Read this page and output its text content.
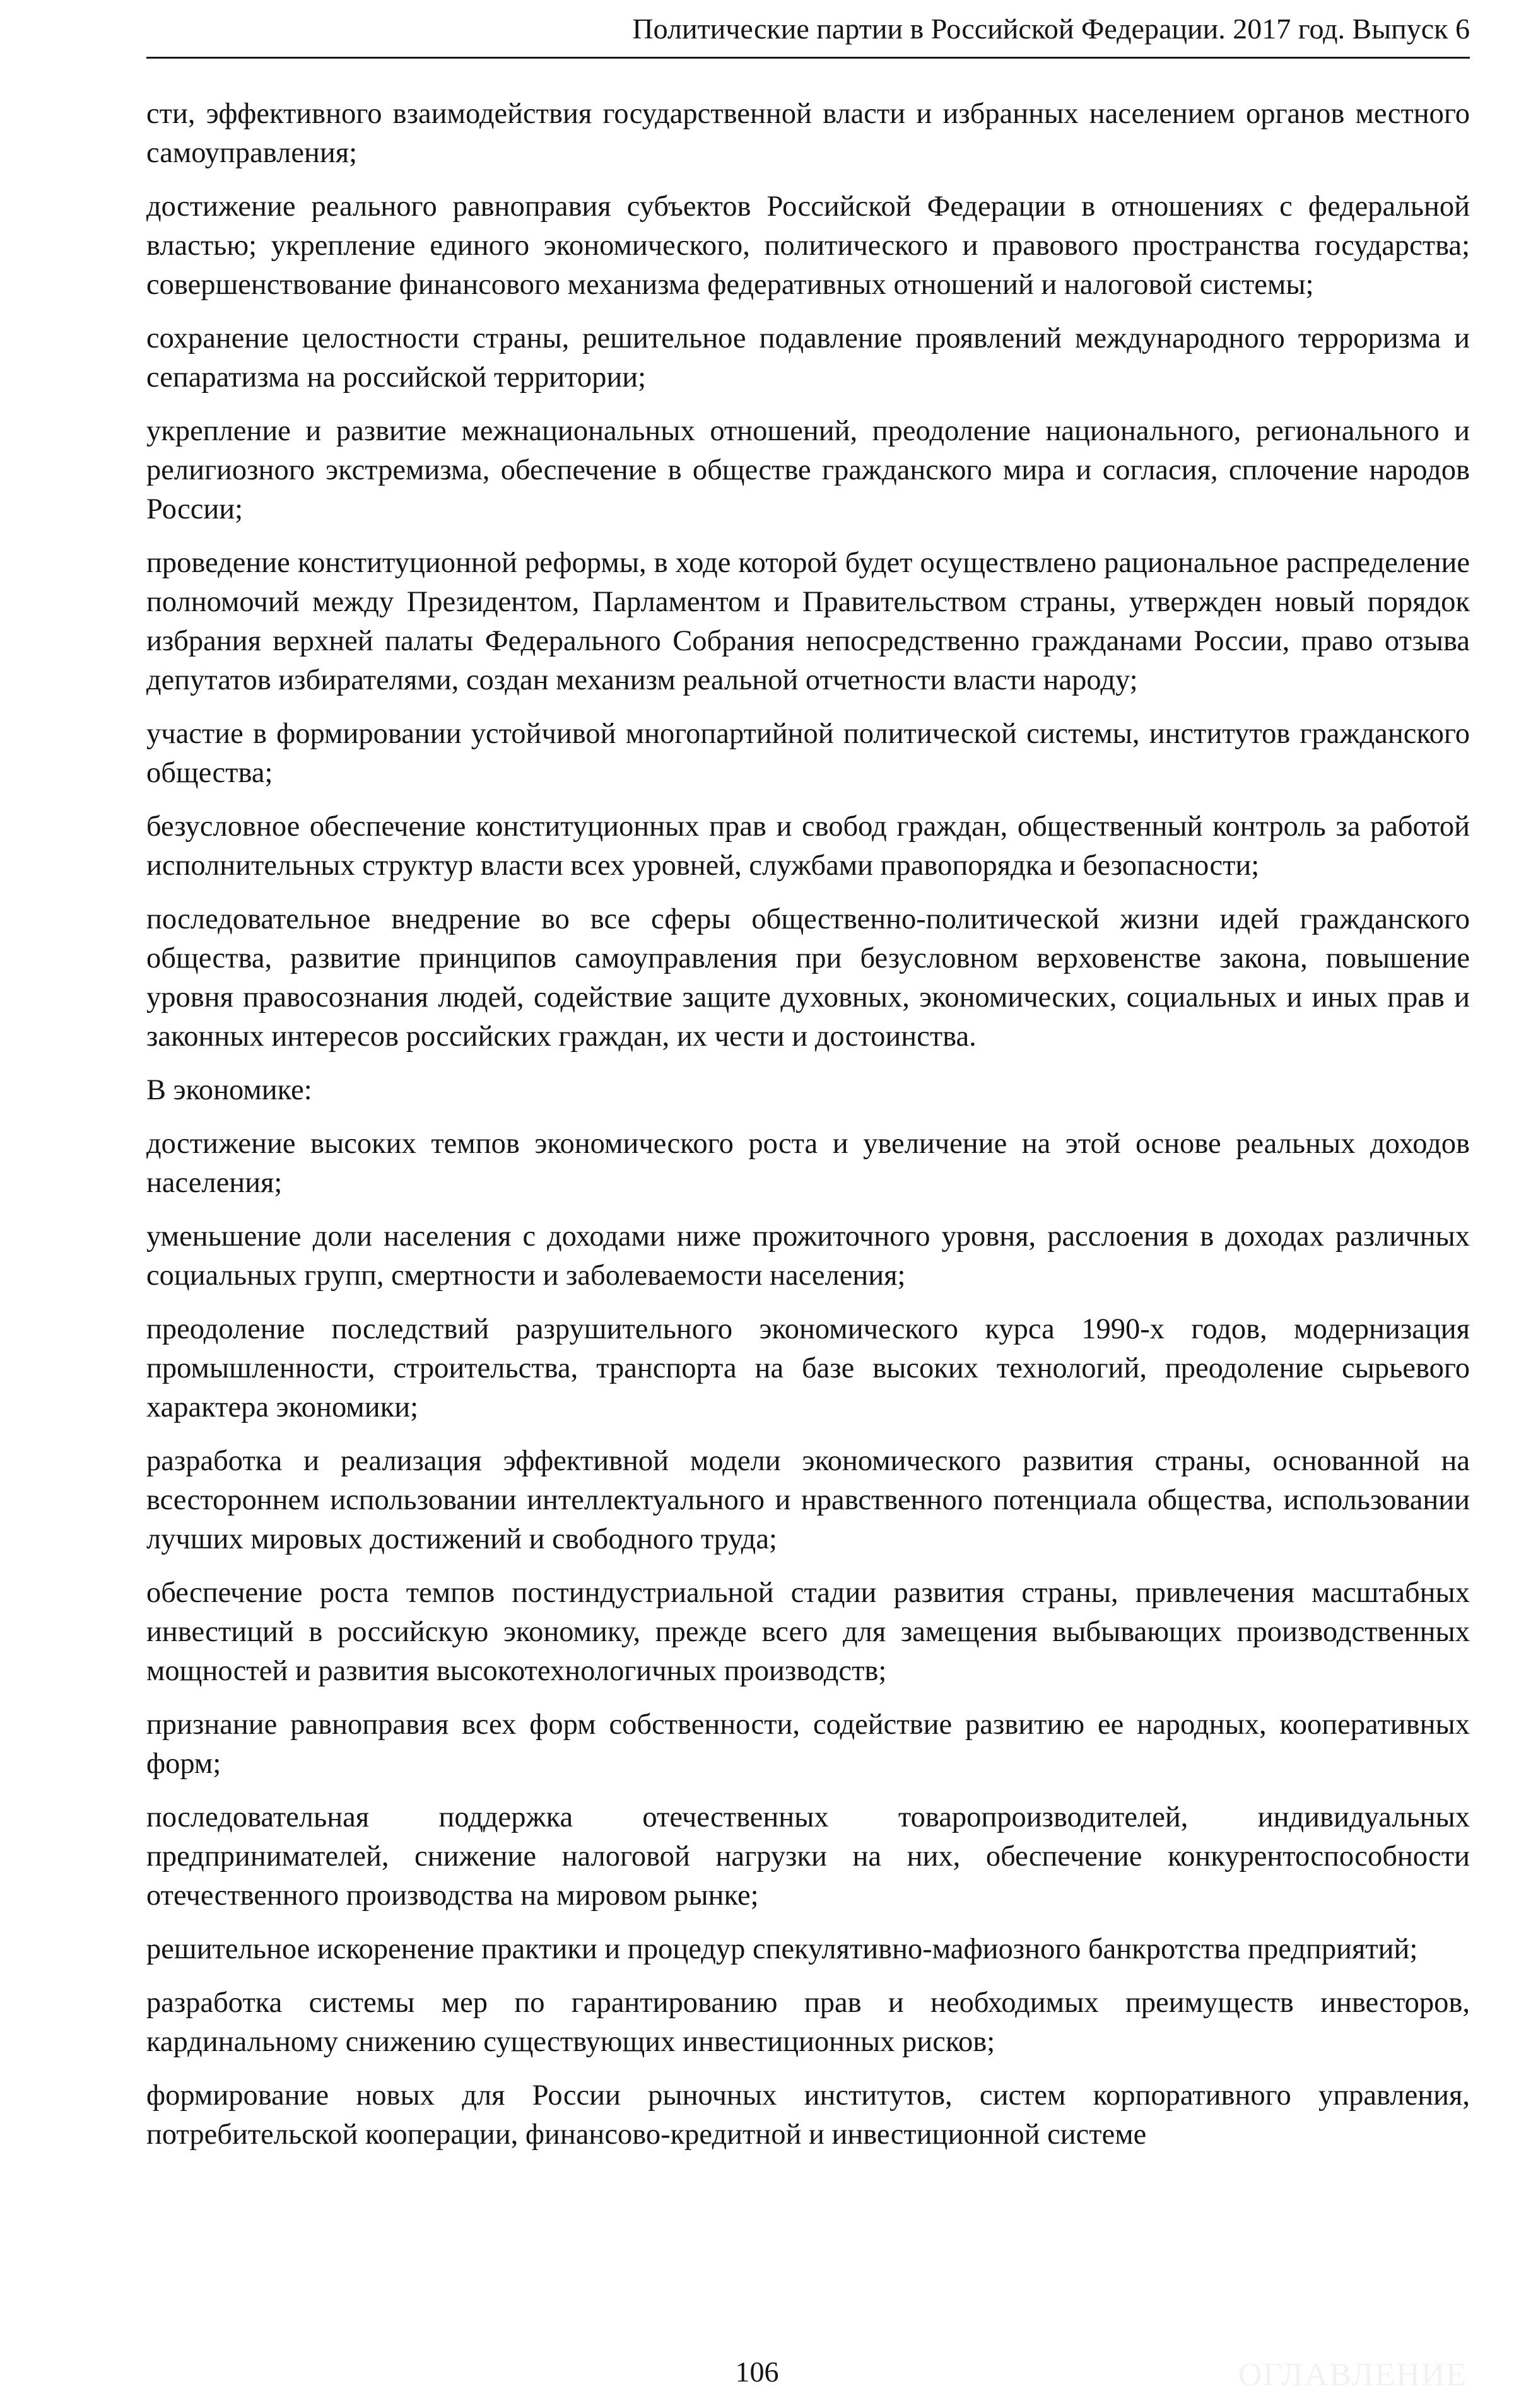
Политические партии в Российской Федерации. 2017 год. Выпуск 6

сти, эффективного взаимодействия государственной власти и избранных населением органов местного самоуправления;

достижение реального равноправия субъектов Российской Федерации в отношениях с федеральной властью; укрепление единого экономического, политического и правового пространства государства; совершенствование финансового механизма федеративных отношений и налоговой системы;

сохранение целостности страны, решительное подавление проявлений международного терроризма и сепаратизма на российской территории;

укрепление и развитие межнациональных отношений, преодоление национального, регионального и религиозного экстремизма, обеспечение в обществе гражданского мира и согласия, сплочение народов России;

проведение конституционной реформы, в ходе которой будет осуществлено рациональное распределение полномочий между Президентом, Парламентом и Правительством страны, утвержден новый порядок избрания верхней палаты Федерального Собрания непосредственно гражданами России, право отзыва депутатов избирателями, создан механизм реальной отчетности власти народу;

участие в формировании устойчивой многопартийной политической системы, институтов гражданского общества;

безусловное обеспечение конституционных прав и свобод граждан, общественный контроль за работой исполнительных структур власти всех уровней, службами правопорядка и безопасности;

последовательное внедрение во все сферы общественно-политической жизни идей гражданского общества, развитие принципов самоуправления при безусловном верховенстве закона, повышение уровня правосознания людей, содействие защите духовных, экономических, социальных и иных прав и законных интересов российских граждан, их чести и достоинства.

В экономике:

достижение высоких темпов экономического роста и увеличение на этой основе реальных доходов населения;

уменьшение доли населения с доходами ниже прожиточного уровня, расслоения в доходах различных социальных групп, смертности и заболеваемости населения;

преодоление последствий разрушительного экономического курса 1990-х годов, модернизация промышленности, строительства, транспорта на базе высоких технологий, преодоление сырьевого характера экономики;

разработка и реализация эффективной модели экономического развития страны, основанной на всестороннем использовании интеллектуального и нравственного потенциала общества, использовании лучших мировых достижений и свободного труда;

обеспечение роста темпов постиндустриальной стадии развития страны, привлечения масштабных инвестиций в российскую экономику, прежде всего для замещения выбывающих производственных мощностей и развития высокотехнологичных производств;

признание равноправия всех форм собственности, содействие развитию ее народных, кооперативных форм;

последовательная поддержка отечественных товаропроизводителей, индивидуальных предпринимателей, снижение налоговой нагрузки на них, обеспечение конкурентоспособности отечественного производства на мировом рынке;

решительное искоренение практики и процедур спекулятивно-мафиозного банкротства предприятий;

разработка системы мер по гарантированию прав и необходимых преимуществ инвесторов, кардинальному снижению существующих инвестиционных рисков;

формирование новых для России рыночных институтов, систем корпоративного управления, потребительской кооперации, финансово-кредитной и инвестиционной системе

106	ОГЛАВЛЕНИЕ
